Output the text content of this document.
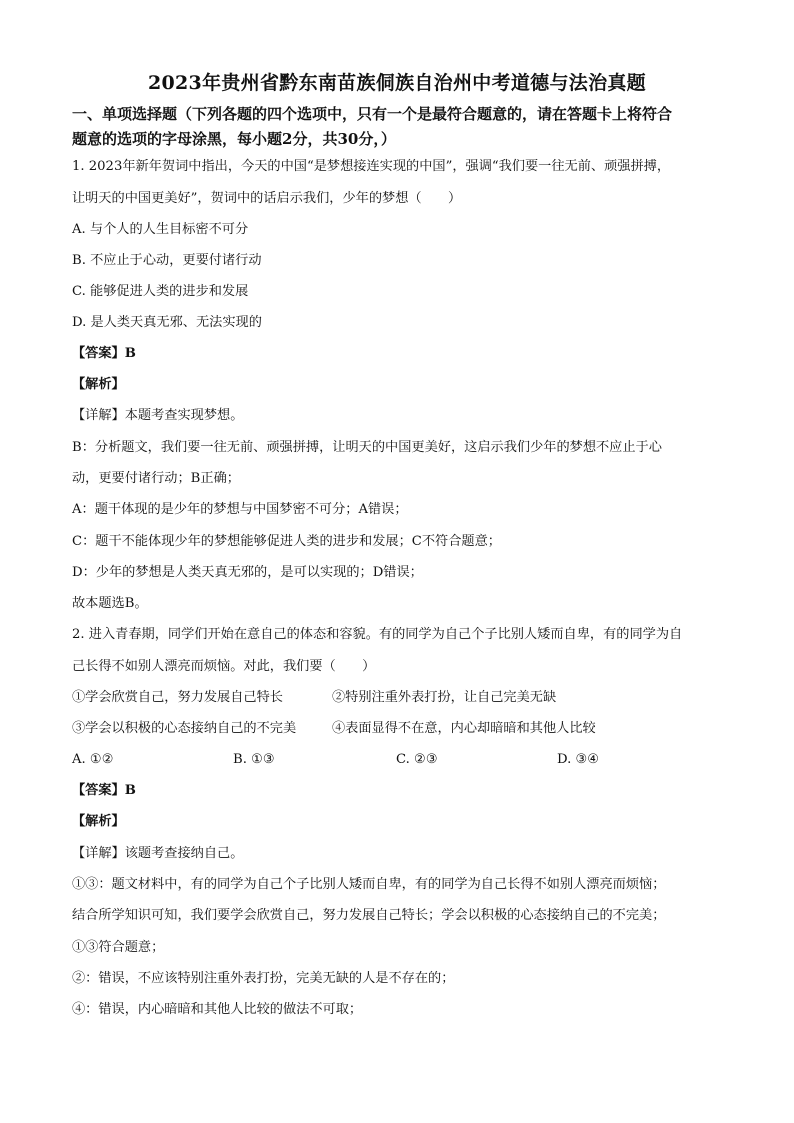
2023年贵州省黔东南苗族侗族自治州中考道德与法治真题
一、单项选择题（下列各题的四个选项中，只有一个是最符合题意的，请在答题卡上将符合
题意的选项的字母涂黑，每小题2分，共30分，）
1. 2023年新年贺词中指出，今天的中国“是梦想接连实现的中国”，强调“我们要一往无前、顽强拼搏，
让明天的中国更美好”，贺词中的话启示我们，少年的梦想（　　）
A. 与个人的人生目标密不可分
B. 不应止于心动，更要付诸行动
C. 能够促进人类的进步和发展
D. 是人类天真无邪、无法实现的
【答案】B
【解析】
【详解】本题考查实现梦想。
B：分析题文，我们要一往无前、顽强拼搏，让明天的中国更美好，这启示我们少年的梦想不应止于心
动，更要付诸行动；B正确；
A：题干体现的是少年的梦想与中国梦密不可分；A错误；
C：题干不能体现少年的梦想能够促进人类的进步和发展；C不符合题意；
D：少年的梦想是人类天真无邪的，是可以实现的；D错误；
故本题选B。
2. 进入青春期，同学们开始在意自己的体态和容貌。有的同学为自己个子比别人矮而自卑，有的同学为自
己长得不如别人漂亮而烦恼。对此，我们要（　　）
①学会欣赏自己，努力发展自己特长	②特别注重外表打扮，让自己完美无缺
③学会以积极的心态接纳自己的不完美	④表面显得不在意，内心却暗暗和其他人比较
A. ①②	B. ①③	C. ②③	D. ③④
【答案】B
【解析】
【详解】该题考查接纳自己。
①③：题文材料中，有的同学为自己个子比别人矮而自卑，有的同学为自己长得不如别人漂亮而烦恼；
结合所学知识可知，我们要学会欣赏自己，努力发展自己特长；学会以积极的心态接纳自己的不完美；
①③符合题意；
②：错误，不应该特别注重外表打扮，完美无缺的人是不存在的；
④：错误，内心暗暗和其他人比较的做法不可取；
